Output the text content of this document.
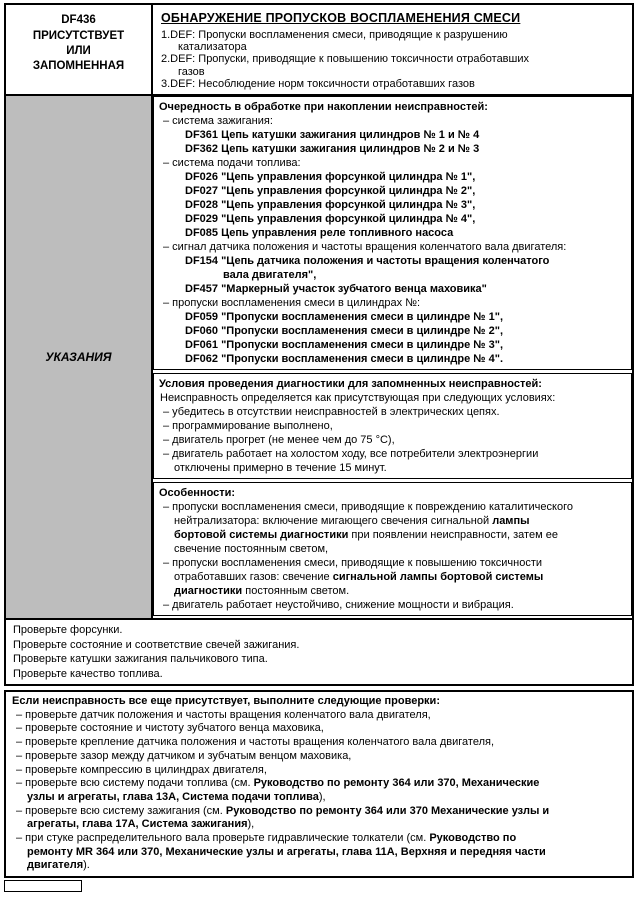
DF436
ПРИСУТСТВУЕТ
ИЛИ
ЗАПОМНЕННАЯ
ОБНАРУЖЕНИЕ ПРОПУСКОВ ВОСПЛАМЕНЕНИЯ СМЕСИ
1.DEF: Пропуски воспламенения смеси, приводящие к разрушению
катализатора
2.DEF: Пропуски, приводящие к повышению токсичности отработавших
газов
3.DEF: Несоблюдение норм токсичности отработавших газов
УКАЗАНИЯ
Очередность в обработке при накоплении неисправностей:
– система зажигания:
DF361 Цепь катушки зажигания цилиндров № 1 и № 4
DF362 Цепь катушки зажигания цилиндров № 2 и № 3
– система подачи топлива:
DF026 "Цепь управления форсункой цилиндра № 1",
DF027 "Цепь управления форсункой цилиндра № 2",
DF028 "Цепь управления форсункой цилиндра № 3",
DF029 "Цепь управления форсункой цилиндра № 4",
DF085 Цепь управления реле топливного насоса
– сигнал датчика положения и частоты вращения коленчатого вала двигателя:
DF154 "Цепь датчика положения и частоты вращения коленчатого
вала двигателя",
DF457 "Маркерный участок зубчатого венца маховика"
– пропуски воспламенения смеси в цилиндрах №:
DF059 "Пропуски воспламенения смеси в цилиндре № 1",
DF060 "Пропуски воспламенения смеси в цилиндре № 2",
DF061 "Пропуски воспламенения смеси в цилиндре № 3",
DF062 "Пропуски воспламенения смеси в цилиндре № 4".
Условия проведения диагностики для запомненных неисправностей:
Неисправность определяется как присутствующая при следующих условиях:
– убедитесь в отсутствии неисправностей в электрических цепях.
– программирование выполнено,
– двигатель прогрет (не менее чем до 75 °C),
– двигатель работает на холостом ходу, все потребители электроэнергии
отключены примерно в течение 15 минут.
Особенности:
– пропуски воспламенения смеси, приводящие к повреждению каталитического
нейтрализатора: включение мигающего свечения сигнальной лампы
бортовой системы диагностики при появлении неисправности, затем ее
свечение постоянным светом,
– пропуски воспламенения смеси, приводящие к повышению токсичности
отработавших газов: свечение сигнальной лампы бортовой системы
диагностики постоянным светом.
– двигатель работает неустойчиво, снижение мощности и вибрация.
Проверьте форсунки.
Проверьте состояние и соответствие свечей зажигания.
Проверьте катушки зажигания пальчикового типа.
Проверьте качество топлива.
Если неисправность все еще присутствует, выполните следующие проверки:
– проверьте датчик положения и частоты вращения коленчатого вала двигателя,
– проверьте состояние и чистоту зубчатого венца маховика,
– проверьте крепление датчика положения и частоты вращения коленчатого вала двигателя,
– проверьте зазор между датчиком и зубчатым венцом маховика,
– проверьте компрессию в цилиндрах двигателя,
– проверьте всю систему подачи топлива (см. Руководство по ремонту 364 или 370, Механические
узлы и агрегаты, глава 13А, Система подачи топлива),
– проверьте всю систему зажигания (см. Руководство по ремонту 364 или 370 Механические узлы и
агрегаты, глава 17А, Система зажигания),
– при стуке распределительного вала проверьте гидравлические толкатели (см. Руководство по
ремонту MR 364 или 370, Механические узлы и агрегаты, глава 11А, Верхняя и передняя части
двигателя).
